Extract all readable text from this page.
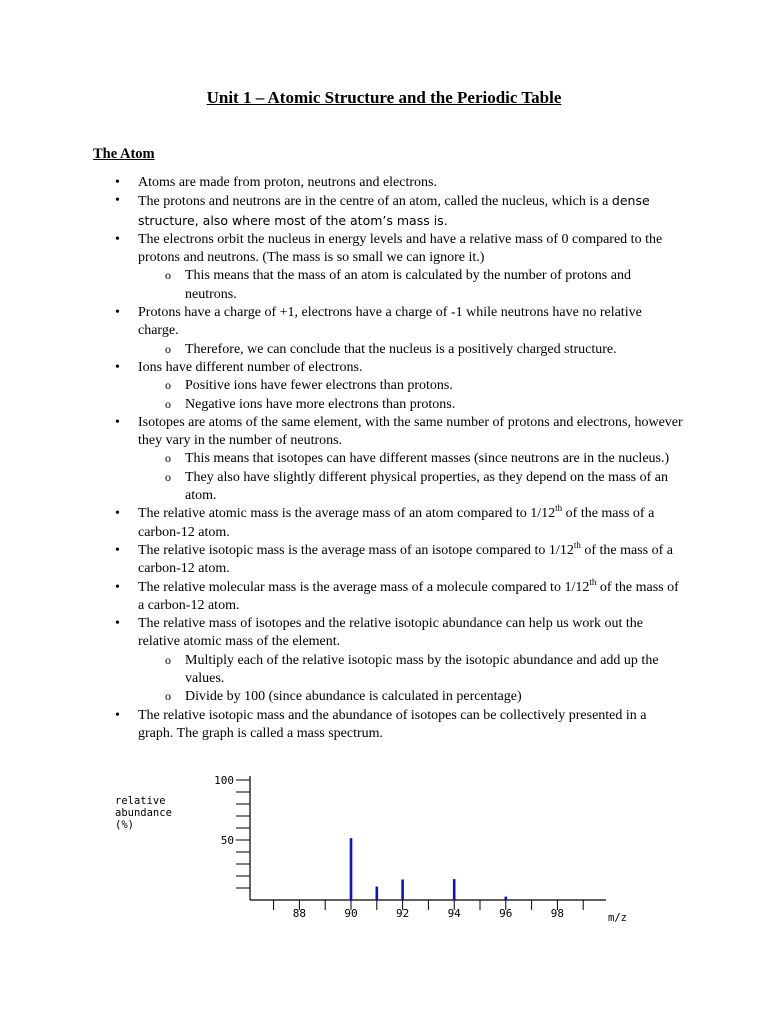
Unit 1 – Atomic Structure and the Periodic Table
The Atom
• Atoms are made from proton, neutrons and electrons.
• The protons and neutrons are in the centre of an atom, called the nucleus, which is a dense structure, also where most of the atom’s mass is.
• The electrons orbit the nucleus in energy levels and have a relative mass of 0 compared to the protons and neutrons. (The mass is so small we can ignore it.)
o This means that the mass of an atom is calculated by the number of protons and neutrons.
• Protons have a charge of +1, electrons have a charge of -1 while neutrons have no relative charge.
o Therefore, we can conclude that the nucleus is a positively charged structure.
• Ions have different number of electrons.
o Positive ions have fewer electrons than protons.
o Negative ions have more electrons than protons.
• Isotopes are atoms of the same element, with the same number of protons and electrons, however they vary in the number of neutrons.
o This means that isotopes can have different masses (since neutrons are in the nucleus.)
o They also have slightly different physical properties, as they depend on the mass of an atom.
• The relative atomic mass is the average mass of an atom compared to 1/12th of the mass of a carbon-12 atom.
• The relative isotopic mass is the average mass of an isotope compared to 1/12th of the mass of a carbon-12 atom.
• The relative molecular mass is the average mass of a molecule compared to 1/12th of the mass of a carbon-12 atom.
• The relative mass of isotopes and the relative isotopic abundance can help us work out the relative atomic mass of the element.
o Multiply each of the relative isotopic mass by the isotopic abundance and add up the values.
o Divide by 100 (since abundance is calculated in percentage)
• The relative isotopic mass and the abundance of isotopes can be collectively presented in a graph. The graph is called a mass spectrum.
50
100
relative
abundance
(%)
88	90	92	94	96	98	m/z
